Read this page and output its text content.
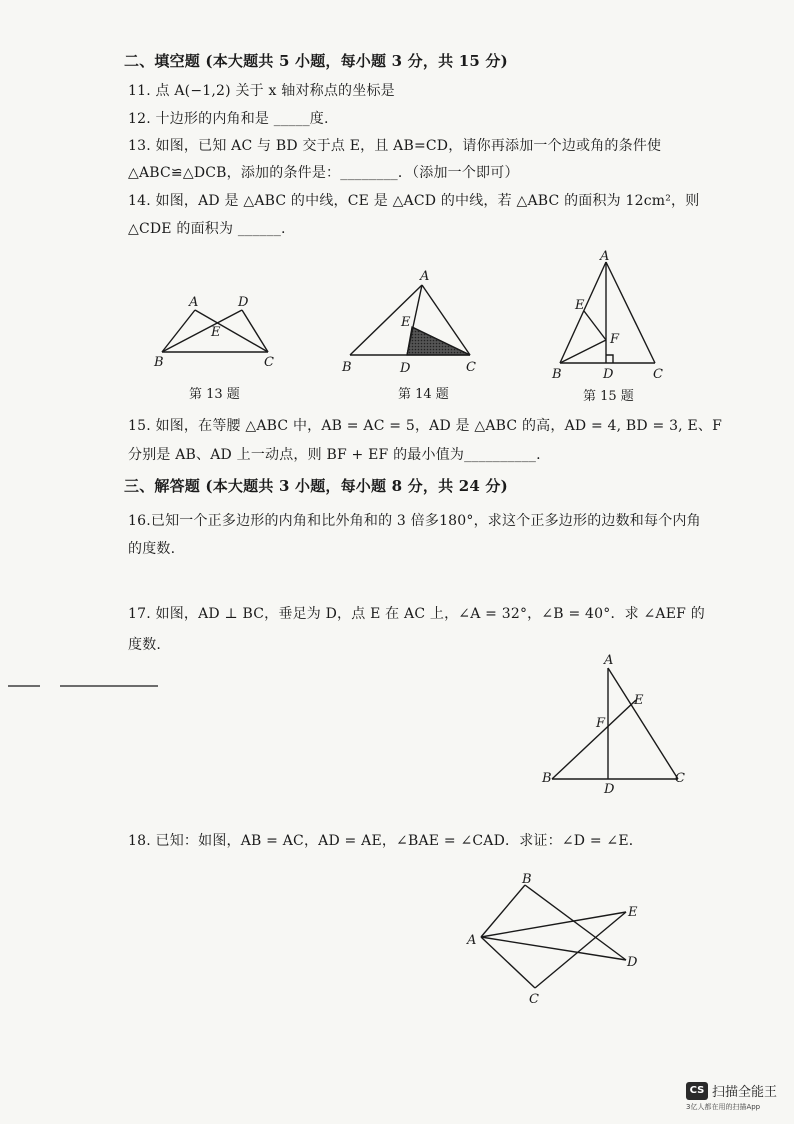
二、填空题 (本大题共 5 小题，每小题 3 分，共 15 分)
11. 点 A(−1,2) 关于 x 轴对称点的坐标是
12. 十边形的内角和是 _____度.
13. 如图，已知 AC 与 BD 交于点 E，且 AB=CD，请你再添加一个边或角的条件使
△ABC≌△DCB，添加的条件是：________．（添加一个即可）
14. 如图，AD 是 △ABC 的中线，CE 是 △ACD 的中线，若 △ABC 的面积为 12cm²，则
△CDE 的面积为 ______.
A	D
E
B	C
A
E
B	D	C
A
E
F
B	D	C
A
E
F
B
D
C
B
E
A
D
C
第 13 题	第 14 题	第 15 题
15. 如图，在等腰 △ABC 中，AB = AC = 5，AD 是 △ABC 的高，AD = 4, BD = 3, E、F
分别是 AB、AD 上一动点，则 BF + EF 的最小值为__________.
三、解答题 (本大题共 3 小题，每小题 8 分，共 24 分)
16.已知一个正多边形的内角和比外角和的 3 倍多180°，求这个正多边形的边数和每个内角
的度数.
17. 如图，AD ⊥ BC，垂足为 D，点 E 在 AC 上，∠A = 32°，∠B = 40°．求 ∠AEF 的
度数.
18. 已知：如图，AB = AC，AD = AE，∠BAE = ∠CAD．求证：∠D = ∠E．
CS 扫描全能王
3亿人都在用的扫描App
